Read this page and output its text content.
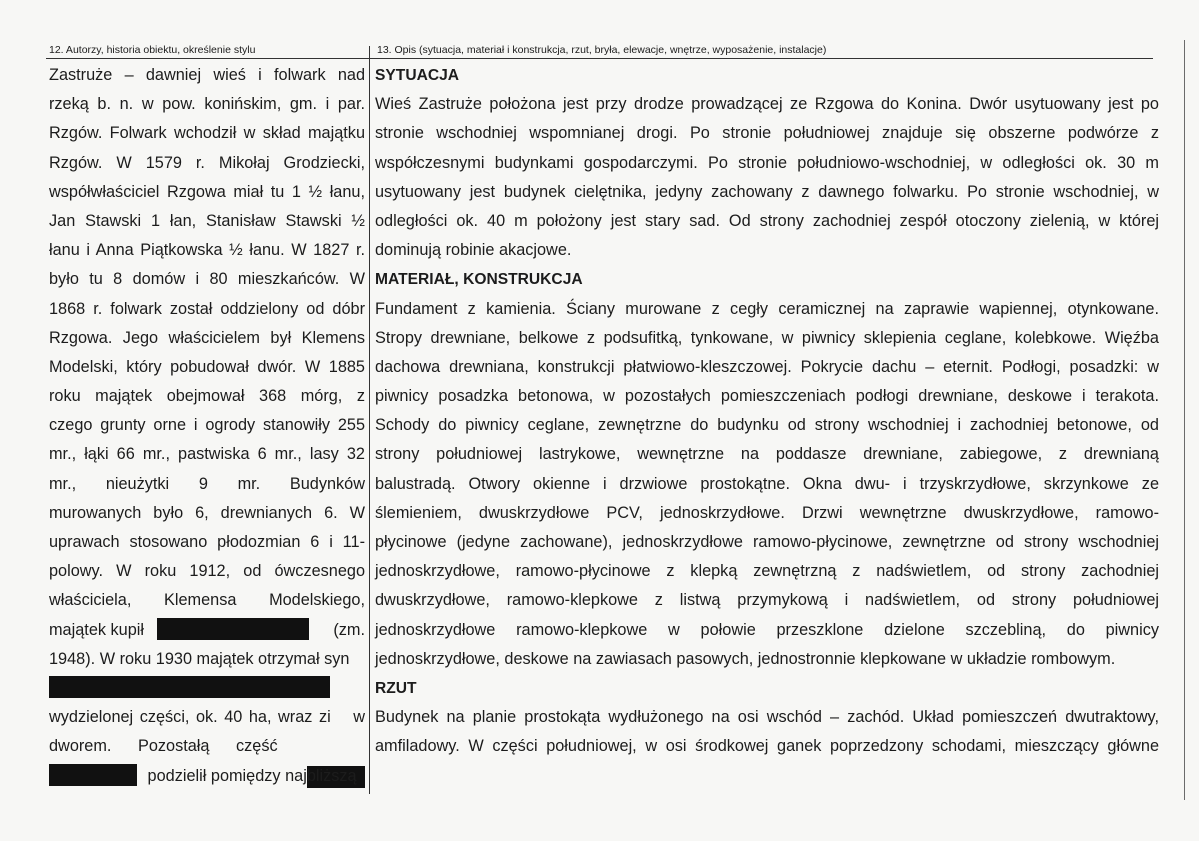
12. Autorzy, historia obiektu, określenie stylu	13. Opis (sytuacja, materiał i konstrukcja, rzut, bryła, elewacje, wnętrze, wyposażenie, instalacje)
Zastruże – dawniej wieś i folwark nad
rzeką b. n. w pow. konińskim, gm. i par.
Rzgów. Folwark wchodził w skład majątku
Rzgów. W 1579 r. Mikołaj Grodziecki,
współwłaściciel Rzgowa miał tu 1 ½ łanu,
Jan Stawski 1 łan, Stanisław Stawski ½
łanu i Anna Piątkowska ½ łanu. W 1827 r.
było tu 8 domów i 80 mieszkańców. W
1868 r. folwark został oddzielony od dóbr
Rzgowa. Jego właścicielem był Klemens
Modelski, który pobudował dwór. W 1885
roku majątek obejmował 368 mórg, z
czego grunty orne i ogrody stanowiły 255
mr., łąki 66 mr., pastwiska 6 mr., lasy 32
mr., nieużytki 9 mr. Budynków
murowanych było 6, drewnianych 6. W
uprawach stosowano płodozmian 6 i 11-
polowy. W roku 1912, od ówczesnego
właściciela, Klemensa Modelskiego,
majątek kupił	(zm.
1948). W roku 1930 majątek otrzymał syn
i w
wydzielonej części, ok. 40 ha, wraz z
dworem. Pozostałą część
podzielił pomiędzy najbliższą
SYTUACJA
Wieś Zastruże położona jest przy drodze prowadzącej ze Rzgowa do Konina. Dwór usytuowany jest po
stronie wschodniej wspomnianej drogi. Po stronie południowej znajduje się obszerne podwórze z
współczesnymi budynkami gospodarczymi. Po stronie południowo-wschodniej, w odległości ok. 30 m
usytuowany jest budynek cielętnika, jedyny zachowany z dawnego folwarku. Po stronie wschodniej, w
odległości ok. 40 m położony jest stary sad. Od strony zachodniej zespół otoczony zielenią, w której
dominują robinie akacjowe.
MATERIAŁ, KONSTRUKCJA
Fundament z kamienia. Ściany murowane z cegły ceramicznej na zaprawie wapiennej, otynkowane.
Stropy drewniane, belkowe z podsufitką, tynkowane, w piwnicy sklepienia ceglane, kolebkowe. Więźba
dachowa drewniana, konstrukcji płatwiowo-kleszczowej. Pokrycie dachu – eternit. Podłogi, posadzki: w
piwnicy posadzka betonowa, w pozostałych pomieszczeniach podłogi drewniane, deskowe i terakota.
Schody do piwnicy ceglane, zewnętrzne do budynku od strony wschodniej i zachodniej betonowe, od
strony południowej lastrykowe, wewnętrzne na poddasze drewniane, zabiegowe, z drewnianą
balustradą. Otwory okienne i drzwiowe prostokątne. Okna dwu- i trzyskrzydłowe, skrzynkowe ze
ślemieniem, dwuskrzydłowe PCV, jednoskrzydłowe. Drzwi wewnętrzne dwuskrzydłowe, ramowo-
płycinowe (jedyne zachowane), jednoskrzydłowe ramowo-płycinowe, zewnętrzne od strony wschodniej
jednoskrzydłowe, ramowo-płycinowe z klepką zewnętrzną z nadświetlem, od strony zachodniej
dwuskrzydłowe, ramowo-klepkowe z listwą przymykową i nadświetlem, od strony południowej
jednoskrzydłowe ramowo-klepkowe w połowie przeszklone dzielone szczebliną, do piwnicy
jednoskrzydłowe, deskowe na zawiasach pasowych, jednostronnie klepkowane w układzie rombowym.
RZUT
Budynek na planie prostokąta wydłużonego na osi wschód – zachód. Układ pomieszczeń dwutraktowy,
amfiladowy. W części południowej, w osi środkowej ganek poprzedzony schodami, mieszczący główne
